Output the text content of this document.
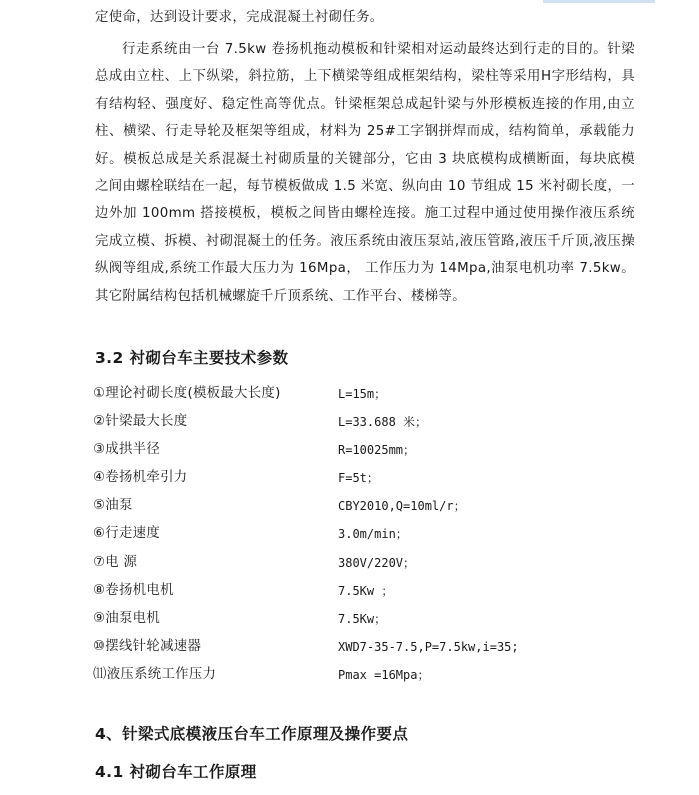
定使命，达到设计要求，完成混凝土衬砌任务。

行走系统由一台 7.5kw 卷扬机拖动模板和针梁相对运动最终达到行走的目的。针梁总成由立柱、上下纵梁，斜拉筋，上下横梁等组成框架结构，梁柱等采用H字形结构，具有结构轻、强度好、稳定性高等优点。针梁框架总成起针梁与外形模板连接的作用,由立柱、横梁、行走导轮及框架等组成，材料为 25#工字钢拼焊而成，结构简单，承载能力好。模板总成是关系混凝土衬砌质量的关键部分，它由 3 块底模构成横断面，每块底模之间由螺栓联结在一起，每节模板做成 1.5 米宽、纵向由 10 节组成 15 米衬砌长度，一边外加 100mm 搭接模板，模板之间皆由螺栓连接。施工过程中通过使用操作液压系统完成立模、拆模、衬砌混凝土的任务。液压系统由液压泵站,液压管路,液压千斤顶,液压操纵阀等组成,系统工作最大压力为 16Mpa， 工作压力为 14Mpa,油泵电机功率 7.5kw。其它附属结构包括机械螺旋千斤顶系统、工作平台、楼梯等。

3.2 衬砌台车主要技术参数
①理论衬砌长度(模板最大长度)	L=15m；
②针梁最大长度	L=33.688 米；
③成拱半径	R=10025mm；
④卷扬机牵引力	F=5t；
⑤油泵	CBY2010,Q=10ml/r；
⑥行走速度	3.0m/min；
⑦电 源	380V/220V；
⑧卷扬机电机	7.5Kw ；
⑨油泵电机	7.5Kw；
⑩摆线针轮减速器	XWD7-35-7.5,P=7.5kw,i=35;
⑾液压系统工作压力	Pmax =16Mpa；
4、针梁式底模液压台车工作原理及操作要点
4.1 衬砌台车工作原理
